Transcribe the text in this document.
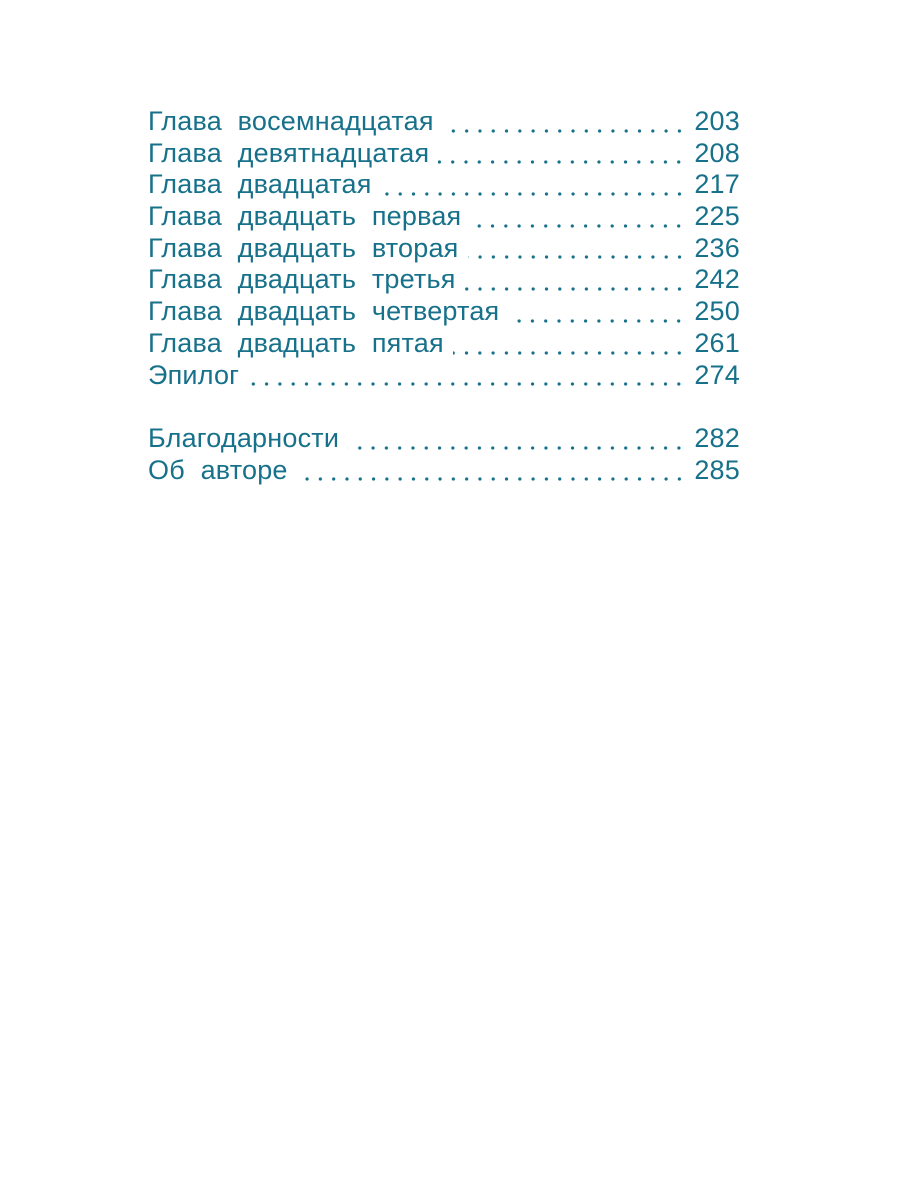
Глава восемнадцатая	203
Глава девятнадцатая	208
Глава двадцатая	217
Глава двадцать первая	225
Глава двадцать вторая	236
Глава двадцать третья	242
Глава двадцать четвертая	250
Глава двадцать пятая	261
Эпилог	274
Благодарности	282
Об авторе	285
